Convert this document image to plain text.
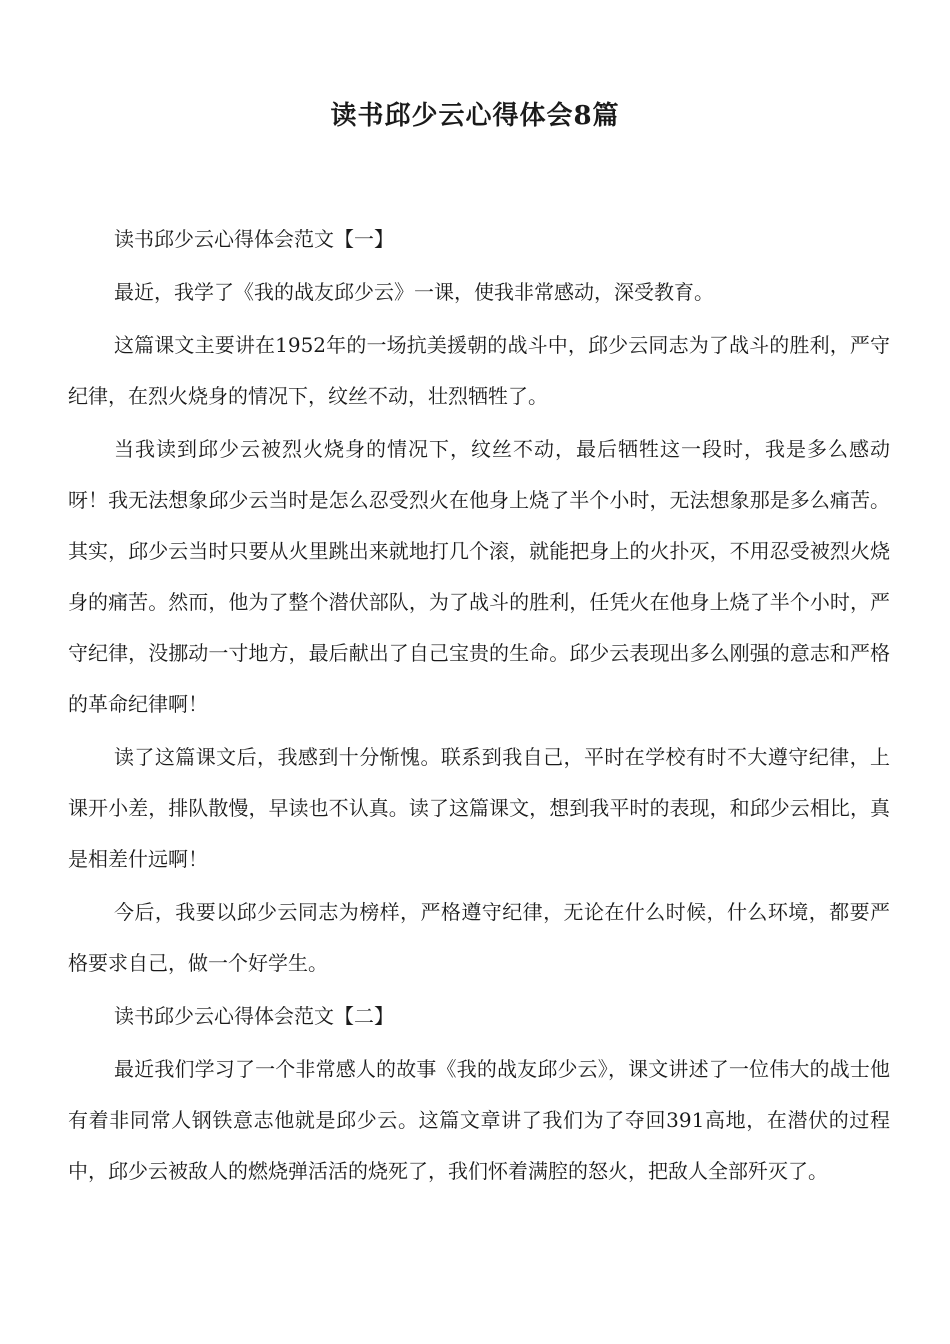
读书邱少云心得体会8篇

读书邱少云心得体会范文【一】

最近，我学了《我的战友邱少云》一课，使我非常感动，深受教育。

这篇课文主要讲在1952年的一场抗美援朝的战斗中，邱少云同志为了战斗的胜利，严守纪律，在烈火烧身的情况下，纹丝不动，壮烈牺牲了。

当我读到邱少云被烈火烧身的情况下，纹丝不动，最后牺牲这一段时，我是多么感动呀！我无法想象邱少云当时是怎么忍受烈火在他身上烧了半个小时，无法想象那是多么痛苦。其实，邱少云当时只要从火里跳出来就地打几个滚，就能把身上的火扑灭，不用忍受被烈火烧身的痛苦。然而，他为了整个潜伏部队，为了战斗的胜利，任凭火在他身上烧了半个小时，严守纪律，没挪动一寸地方，最后献出了自己宝贵的生命。邱少云表现出多么刚强的意志和严格的革命纪律啊！

读了这篇课文后，我感到十分惭愧。联系到我自己，平时在学校有时不大遵守纪律，上课开小差，排队散慢，早读也不认真。读了这篇课文，想到我平时的表现，和邱少云相比，真是相差什远啊！

今后，我要以邱少云同志为榜样，严格遵守纪律，无论在什么时候，什么环境，都要严格要求自己，做一个好学生。

读书邱少云心得体会范文【二】

最近我们学习了一个非常感人的故事《我的战友邱少云》，课文讲述了一位伟大的战士他有着非同常人钢铁意志他就是邱少云。这篇文章讲了我们为了夺回391高地，在潜伏的过程中，邱少云被敌人的燃烧弹活活的烧死了，我们怀着满腔的怒火，把敌人全部歼灭了。
